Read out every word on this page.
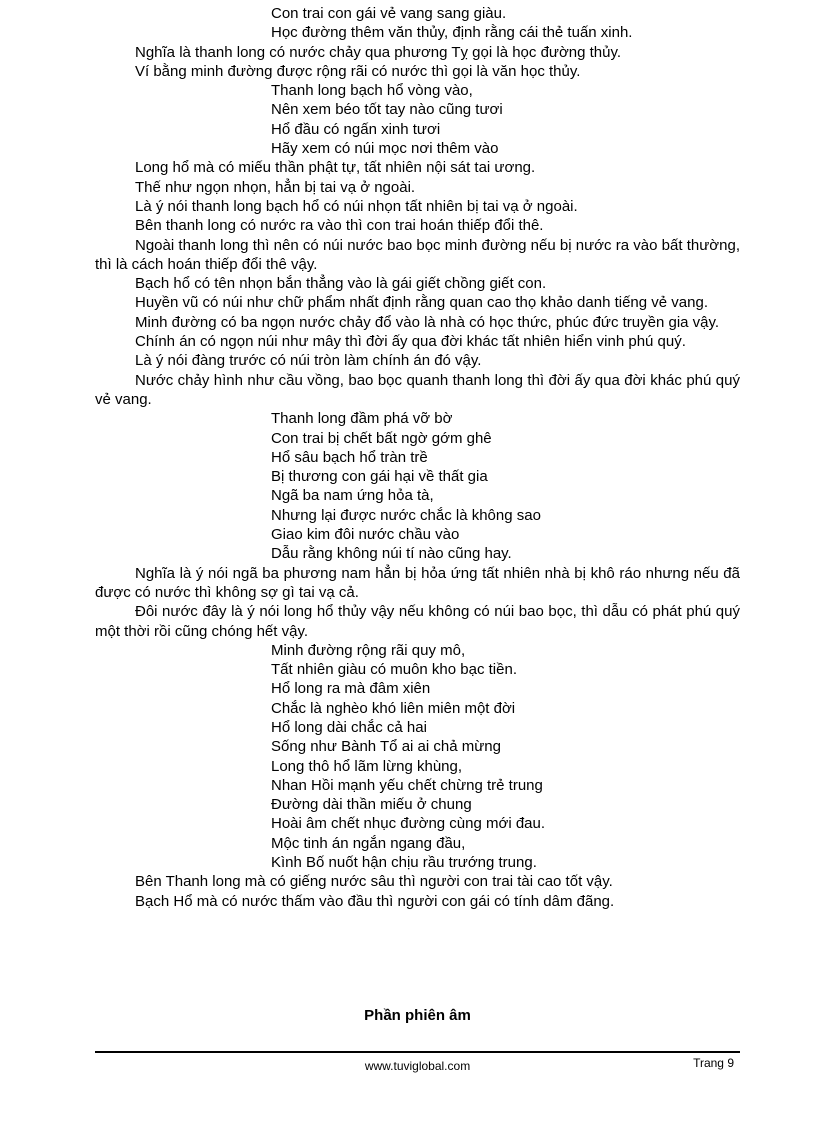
Con trai con gái vẻ vang sang giàu.

Học đường thêm văn thủy, định rằng cái thẻ tuấn xinh.

Nghĩa là thanh long có nước chảy qua phương Tỵ gọi là học đường thủy.

Ví bằng minh đường được rộng rãi có nước thì gọi là văn học thủy.

Thanh long bạch hổ vòng vào,

Nên xem béo tốt tay nào cũng tươi

Hổ đầu có ngấn xinh tươi

Hãy xem có núi mọc nơi thêm vào

Long hổ mà có miếu thần phật tự, tất nhiên nội sát tai ương.

Thế như ngọn nhọn, hẳn bị tai vạ ở ngoài.

Là ý nói thanh long bạch hổ có núi nhọn tất nhiên bị tai vạ ở ngoài.

Bên thanh long có nước ra vào thì con trai hoán thiếp đổi thê.

Ngoài thanh long thì nên có núi nước bao bọc minh đường nếu bị nước ra vào bất thường, thì là cách hoán thiếp đổi thê vậy.

Bạch hổ có tên nhọn bắn thẳng vào là gái giết chồng giết con.

Huyền vũ có núi như chữ phẩm nhất định rằng quan cao thọ khảo danh tiếng vẻ vang.

Minh đường có ba ngọn nước chảy đổ vào là nhà có học thức, phúc đức truyền gia vậy.

Chính án có ngọn núi như mây thì đời ấy qua đời khác tất nhiên hiển vinh phú quý.

Là ý nói đàng trước có núi tròn làm chính án đó vậy.

Nước chảy hình như cầu vồng, bao bọc quanh thanh long thì đời ấy qua đời khác phú quý vẻ vang.

Thanh long đầm phá vỡ bờ

Con trai bị chết bất ngờ gớm ghê

Hổ sâu bạch hổ tràn trề

Bị thương con gái hại về thất gia

Ngã ba nam ứng hỏa tà,

Nhưng lại được nước chắc là không sao

Giao kim đôi nước chầu vào

Dẫu rằng không núi tí nào cũng hay.

Nghĩa là ý nói ngã ba phương nam hẳn bị hỏa ứng tất nhiên nhà bị khô ráo nhưng nếu đã được có nước thì không sợ gì tai vạ cả.

Đôi nước đây là ý nói long hổ thủy vậy nếu không có núi bao bọc, thì dẫu có phát phú quý một thời rồi cũng chóng hết vậy.

Minh đường rộng rãi quy mô,

Tất nhiên giàu có muôn kho bạc tiền.

Hổ long ra mà đâm xiên

Chắc là nghèo khó liên miên một đời

Hổ long dài chắc cả hai

Sống như Bành Tổ ai ai chả mừng

Long thô hổ lãm lừng khùng,

Nhan Hồi mạnh yếu chết chừng trẻ trung

Đường dài thần miếu ở chung

Hoài âm chết nhục đường cùng mới đau.

Mộc tinh án ngắn ngang đầu,

Kình Bố nuốt hận chịu rầu trướng trung.

Bên Thanh long mà có giếng nước sâu thì người con trai tài cao tốt vậy.

Bạch Hổ mà có nước thấm vào đầu thì người con gái có tính dâm đãng.

Phần phiên âm
www.tuviglobal.com	Trang 9
